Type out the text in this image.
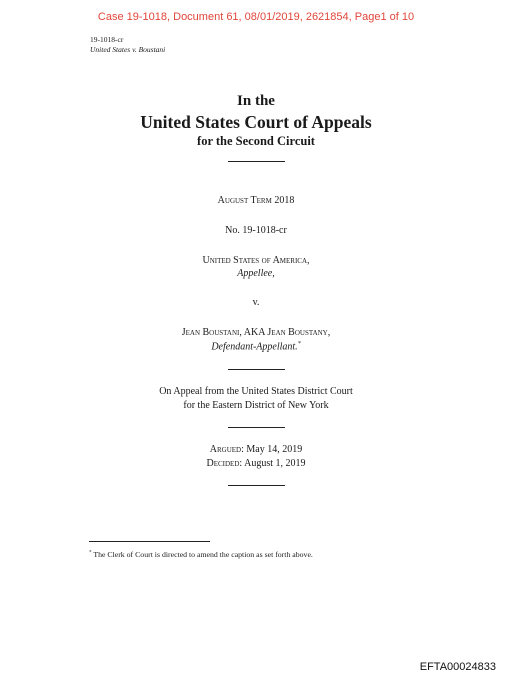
Case 19-1018, Document 61, 08/01/2019, 2621854, Page1 of 10
19-1018-cr
United States v. Boustani
In the
United States Court of Appeals
for the Second Circuit
August Term 2018
No. 19-1018-cr
United States of America,
Appellee,
v.
Jean Boustani, AKA Jean Boustany,
Defendant-Appellant.*
On Appeal from the United States District Court
for the Eastern District of New York
Argued: May 14, 2019
Decided: August 1, 2019
* The Clerk of Court is directed to amend the caption as set forth above.
EFTA00024833
